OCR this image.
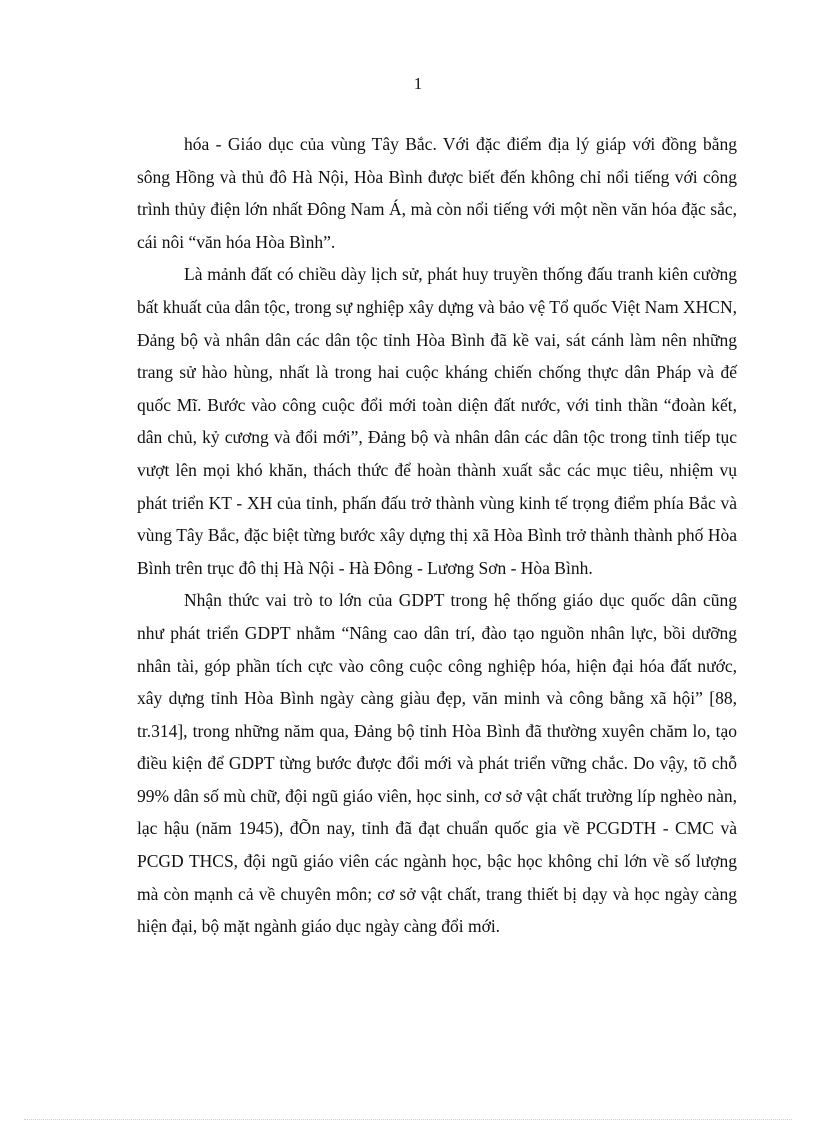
1

hóa - Giáo dục của vùng Tây Bắc. Với đặc điểm địa lý giáp với đồng bằng sông Hồng và thủ đô Hà Nội, Hòa Bình được biết đến không chỉ nổi tiếng với công trình thủy điện lớn nhất Đông Nam Á, mà còn nổi tiếng với một nền văn hóa đặc sắc, cái nôi “văn hóa Hòa Bình”.

Là mảnh đất có chiều dày lịch sử, phát huy truyền thống đấu tranh kiên cường bất khuất của dân tộc, trong sự nghiệp xây dựng và bảo vệ Tổ quốc Việt Nam XHCN, Đảng bộ và nhân dân các dân tộc tỉnh Hòa Bình đã kề vai, sát cánh làm nên những trang sử hào hùng, nhất là trong hai cuộc kháng chiến chống thực dân Pháp và đế quốc Mĩ. Bước vào công cuộc đổi mới toàn diện đất nước, với tinh thần “đoàn kết, dân chủ, kỷ cương và đổi mới”, Đảng bộ và nhân dân các dân tộc trong tỉnh tiếp tục vượt lên mọi khó khăn, thách thức để hoàn thành xuất sắc các mục tiêu, nhiệm vụ phát triển KT - XH của tỉnh, phấn đấu trở thành vùng kinh tế trọng điểm phía Bắc và vùng Tây Bắc, đặc biệt từng bước xây dựng thị xã Hòa Bình trở thành thành phố Hòa Bình trên trục đô thị Hà Nội - Hà Đông - Lương Sơn - Hòa Bình.

Nhận thức vai trò to lớn của GDPT trong hệ thống giáo dục quốc dân cũng như phát triển GDPT nhằm “Nâng cao dân trí, đào tạo nguồn nhân lực, bồi dưỡng nhân tài, góp phần tích cực vào công cuộc công nghiệp hóa, hiện đại hóa đất nước, xây dựng tỉnh Hòa Bình ngày càng giàu đẹp, văn minh và công bằng xã hội” [88, tr.314], trong những năm qua, Đảng bộ tỉnh Hòa Bình đã thường xuyên chăm lo, tạo điều kiện để GDPT từng bước được đổi mới và phát triển vững chắc. Do vậy, tõ chỗ 99% dân số mù chữ, đội ngũ giáo viên, học sinh, cơ sở vật chất trường líp nghèo nàn, lạc hậu (năm 1945), đÕn nay, tỉnh đã đạt chuẩn quốc gia về PCGDTH - CMC và PCGD THCS, đội ngũ giáo viên các ngành học, bậc học không chỉ lớn về số lượng mà còn mạnh cả về chuyên môn; cơ sở vật chất, trang thiết bị dạy và học ngày càng hiện đại, bộ mặt ngành giáo dục ngày càng đổi mới.
